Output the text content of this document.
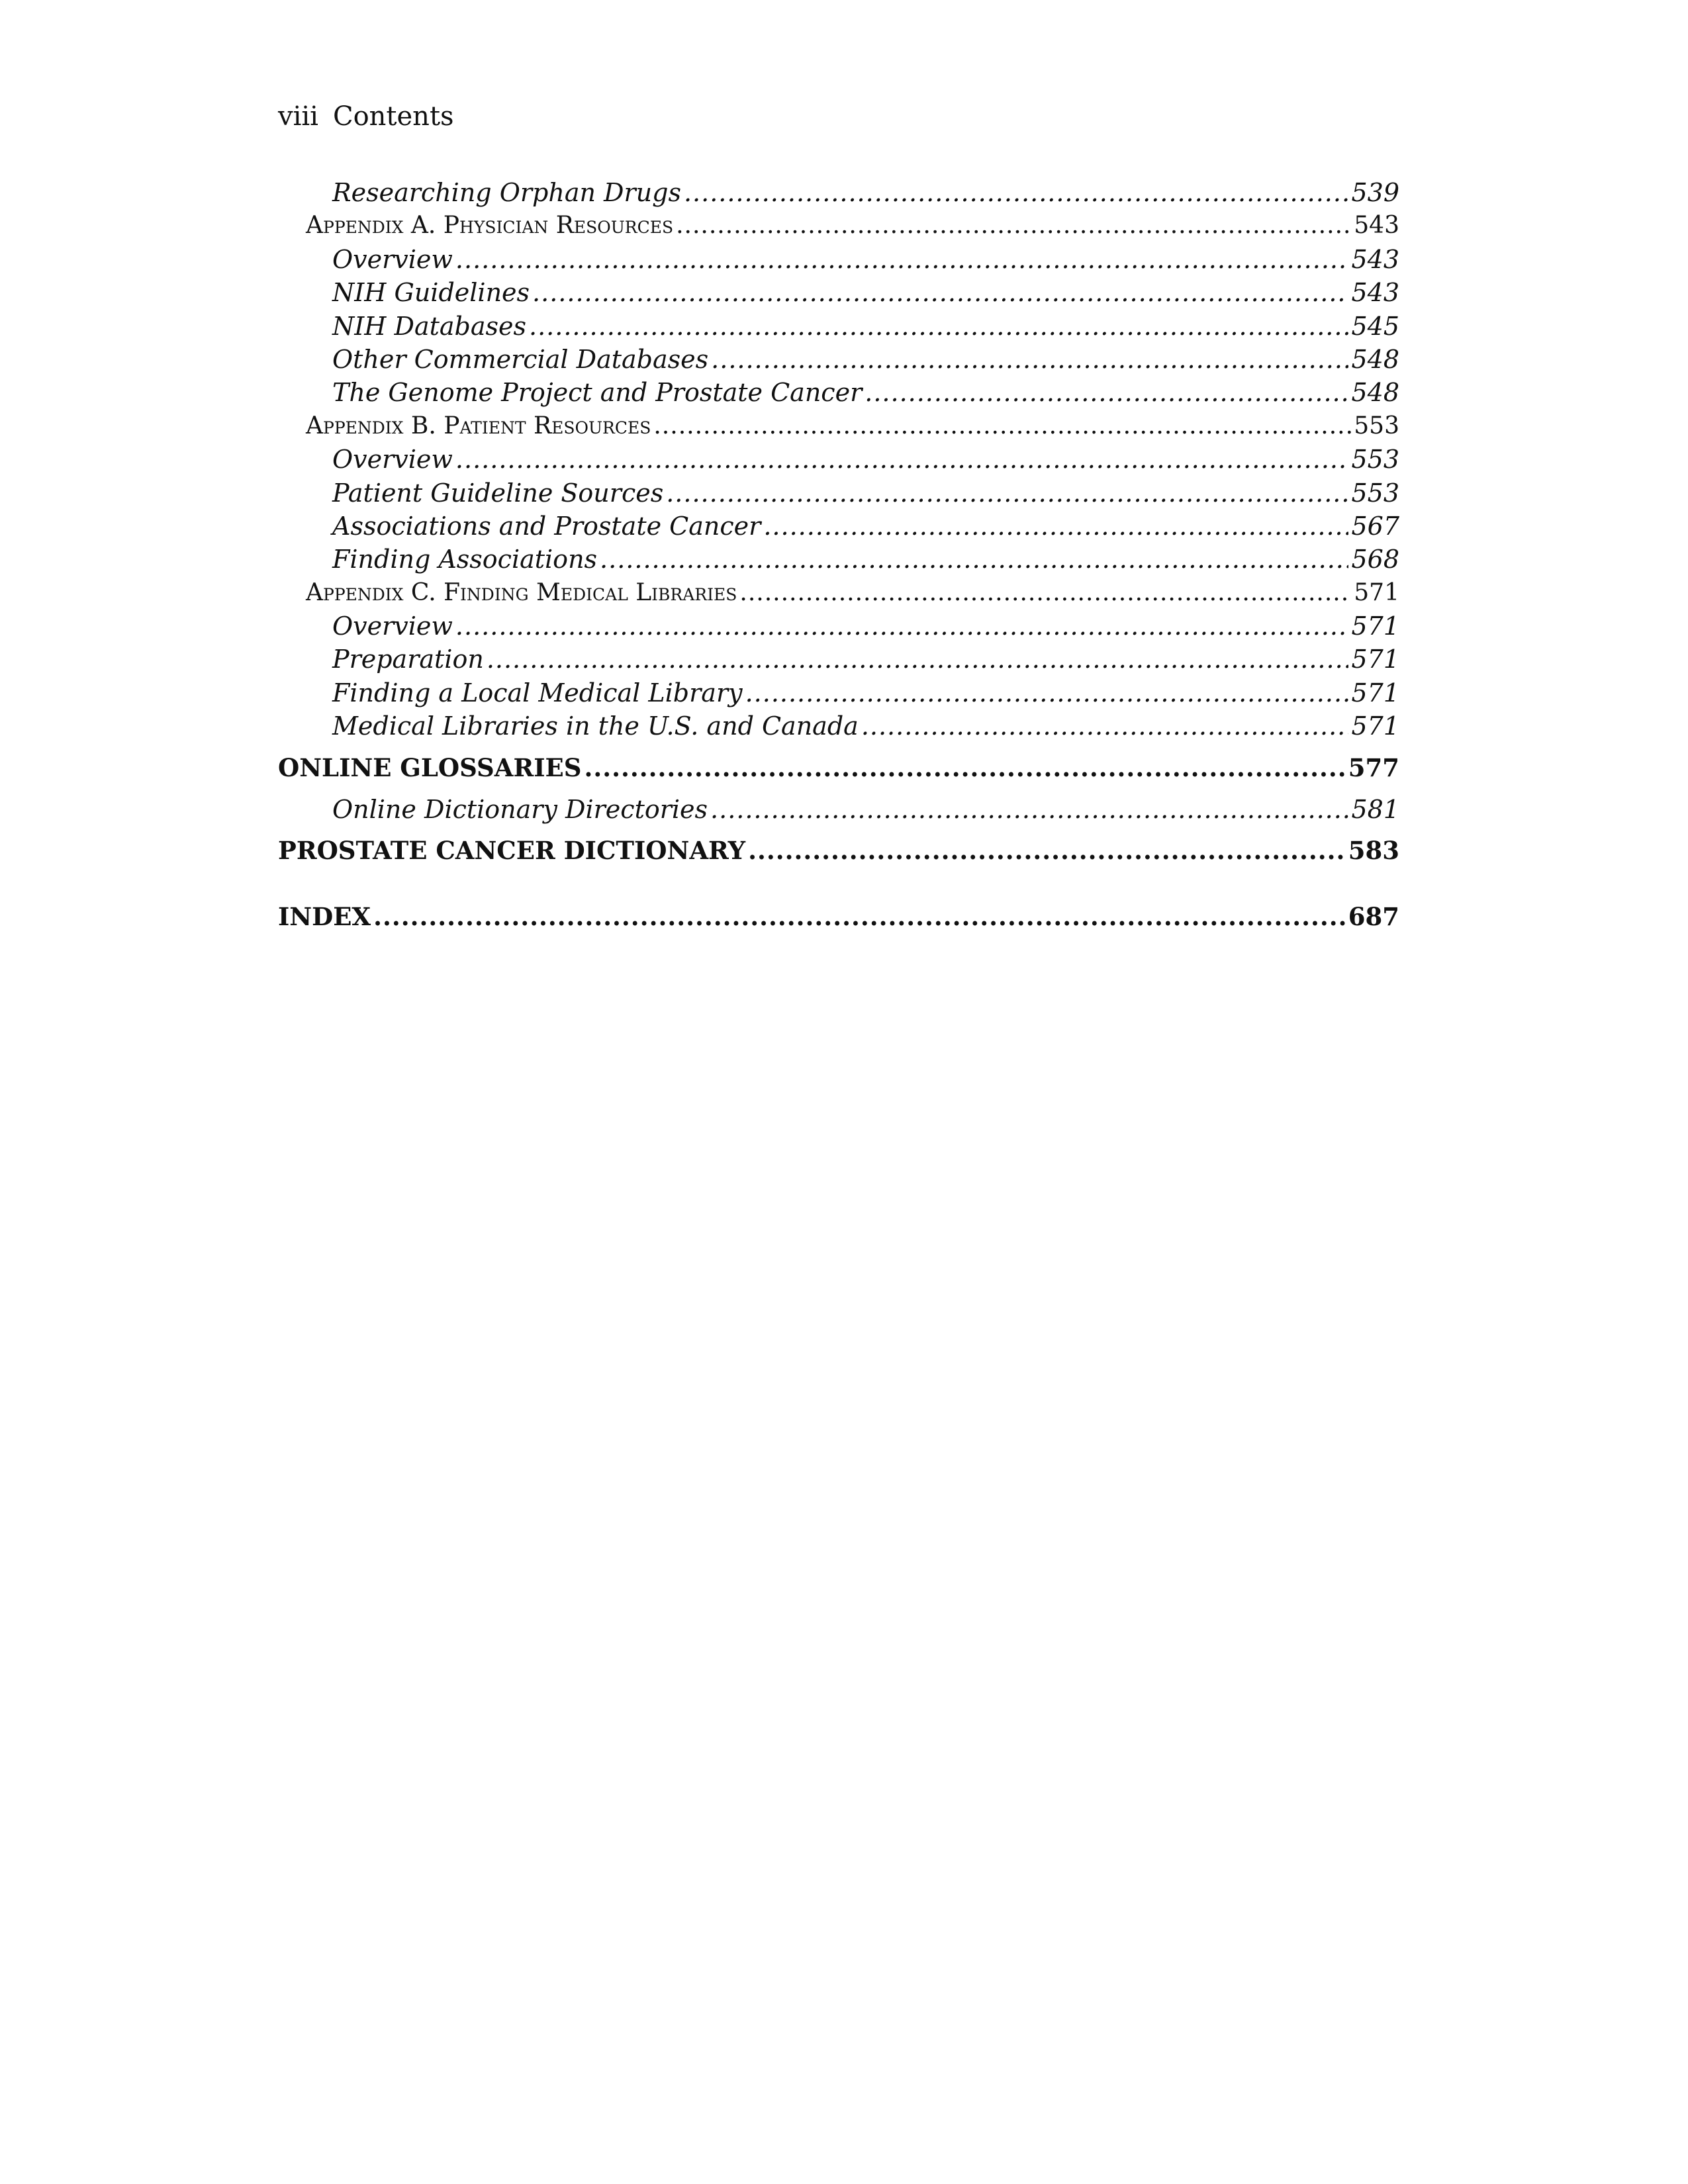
viii Contents
Researching Orphan Drugs .....	539
Appendix A. Physician Resources .....	543
Overview .....	543
NIH Guidelines .....	543
NIH Databases .....	545
Other Commercial Databases .....	548
The Genome Project and Prostate Cancer .....	548
Appendix B. Patient Resources .....	553
Overview .....	553
Patient Guideline Sources .....	553
Associations and Prostate Cancer .....	567
Finding Associations .....	568
Appendix C. Finding Medical Libraries .....	571
Overview .....	571
Preparation .....	571
Finding a Local Medical Library .....	571
Medical Libraries in the U.S. and Canada .....	571
ONLINE GLOSSARIES .....	577
Online Dictionary Directories .....	581
PROSTATE CANCER DICTIONARY .....	583
INDEX .....	687
